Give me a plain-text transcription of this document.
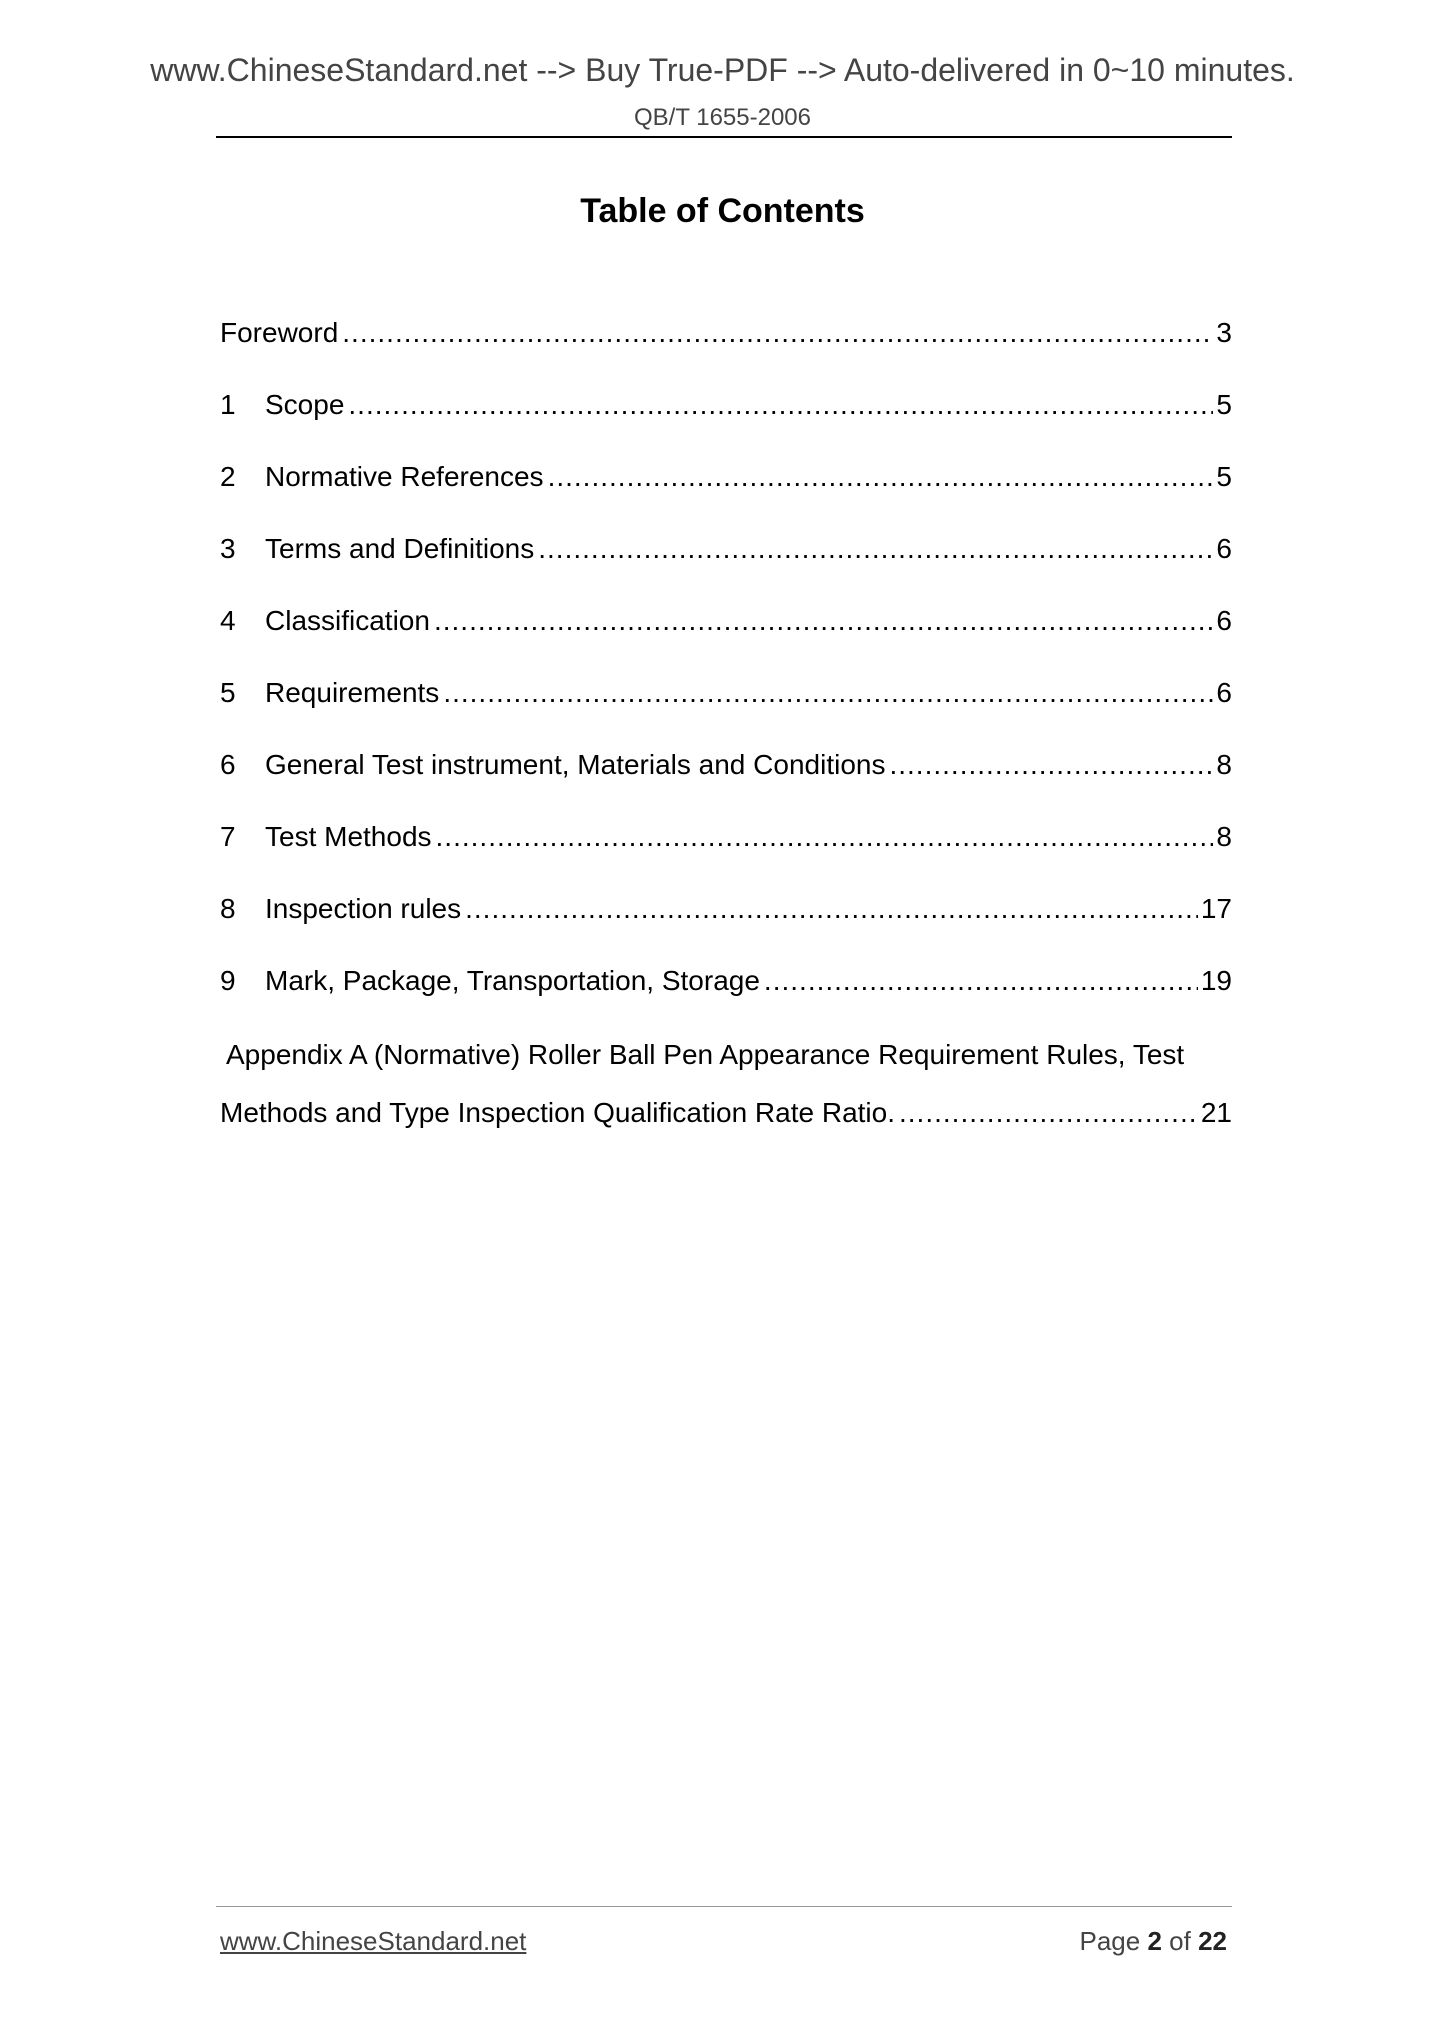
www.ChineseStandard.net --> Buy True-PDF --> Auto-delivered in 0~10 minutes.
QB/T 1655-2006
Table of Contents
Foreword .....	3
1	Scope .....	5
2	Normative References .....	5
3	Terms and Definitions .....	6
4	Classification .....	6
5	Requirements .....	6
6	General Test instrument, Materials and Conditions .....	8
7	Test Methods .....	8
8	Inspection rules .....	17
9	Mark, Package, Transportation, Storage .....	19
Appendix A (Normative) Roller Ball Pen Appearance Requirement Rules, Test
Methods and Type Inspection Qualification Rate Ratio. .....	21
www.ChineseStandard.net	Page 2 of 22
